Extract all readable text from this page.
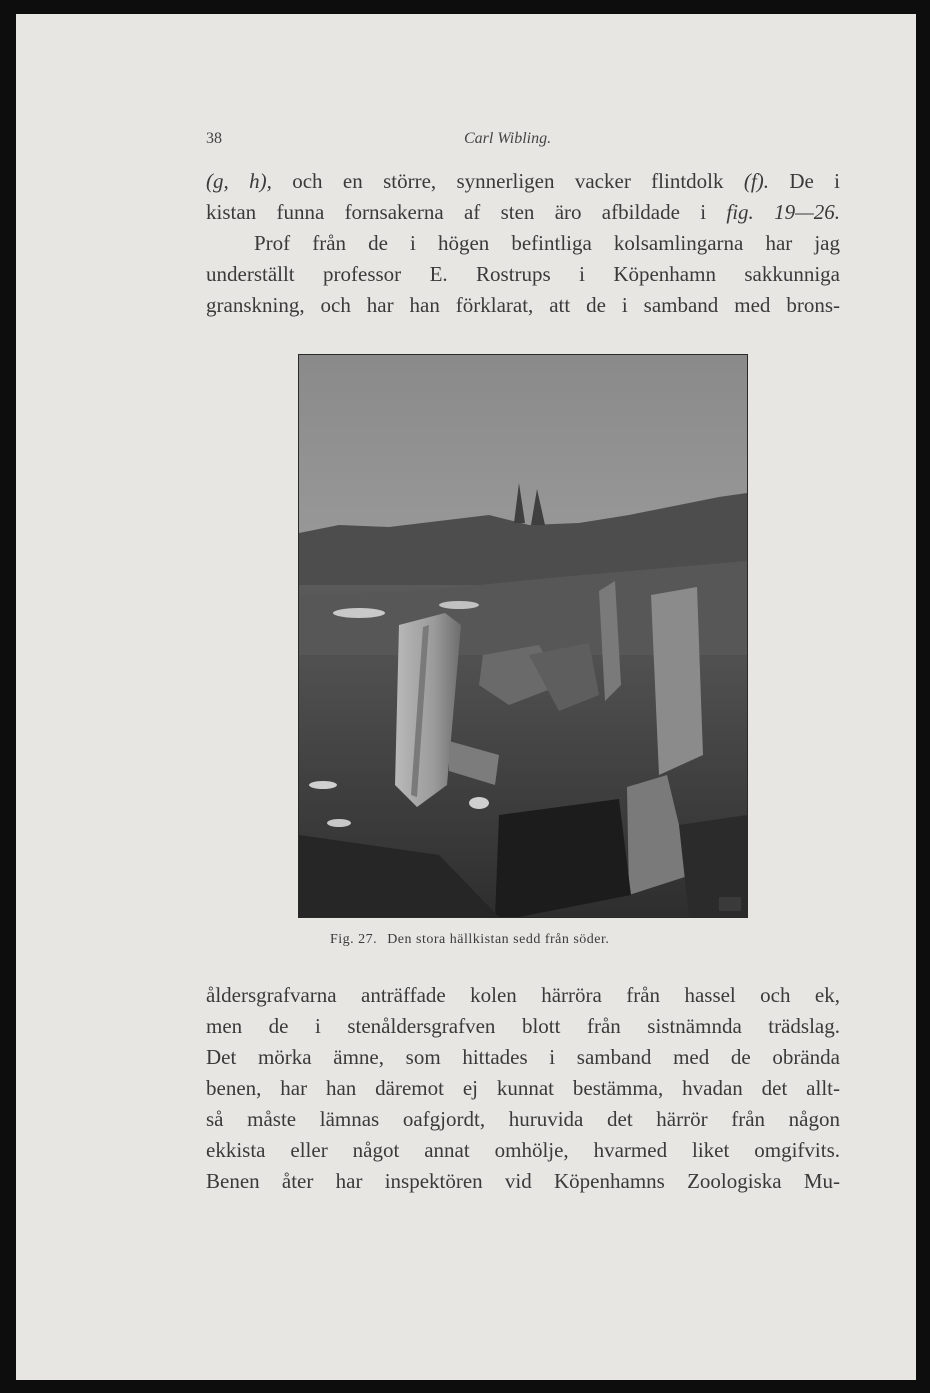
38	Carl Wibling.
(g, h), och en större, synnerligen vacker flintdolk (f). De i
kistan funna fornsakerna af sten äro afbildade i fig. 19—26.
Prof från de i högen befintliga kolsamlingarna har jag
underställt professor E. Rostrups i Köpenhamn sakkunniga
granskning, och har han förklarat, att de i samband med brons-
Fig. 27. Den stora hällkistan sedd från söder.
åldersgrafvarna anträffade kolen härröra från hassel och ek,
men de i stenåldersgrafven blott från sistnämnda trädslag.
Det mörka ämne, som hittades i samband med de obrända
benen, har han däremot ej kunnat bestämma, hvadan det allt-
så måste lämnas oafgjordt, huruvida det härrör från någon
ekkista eller något annat omhölje, hvarmed liket omgifvits.
Benen åter har inspektören vid Köpenhamns Zoologiska Mu-
